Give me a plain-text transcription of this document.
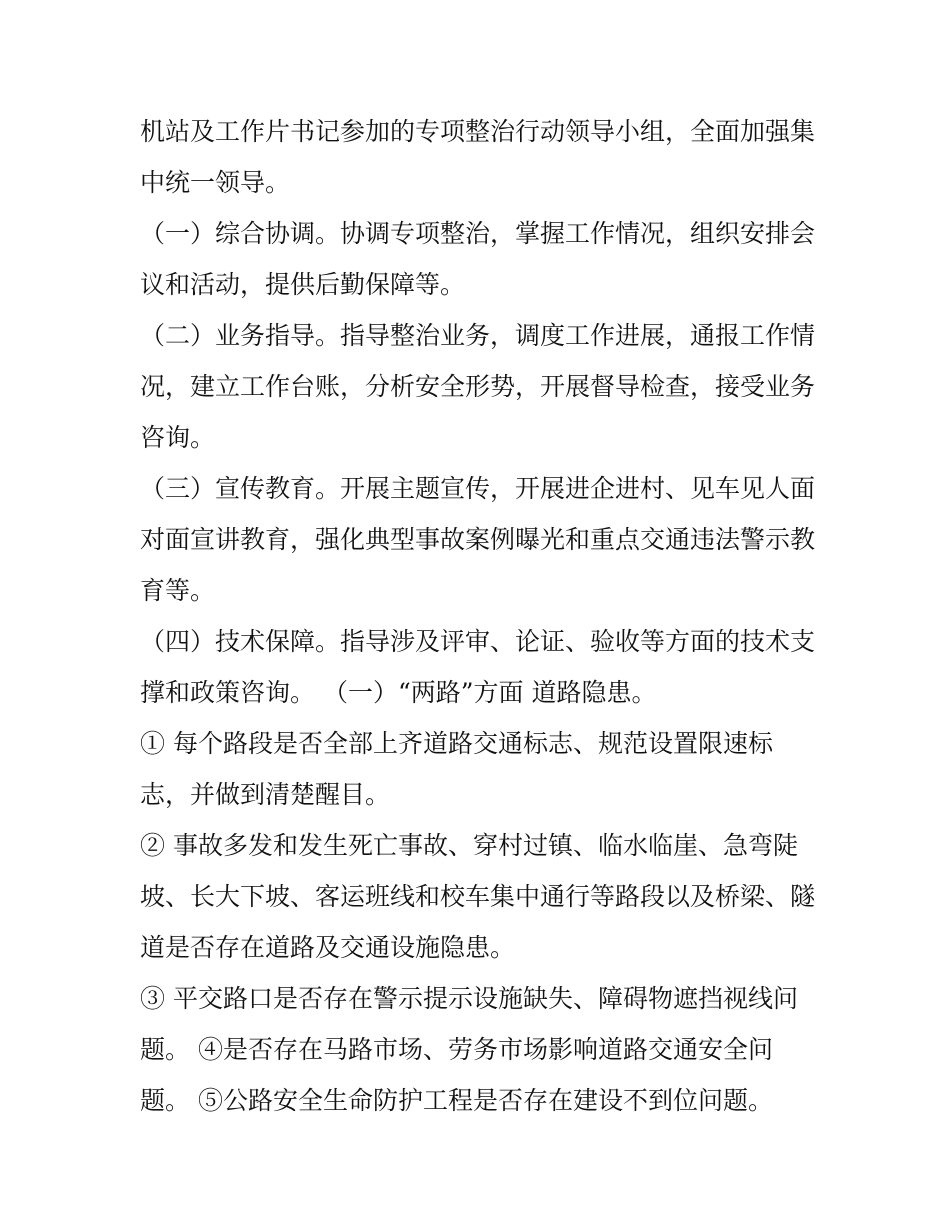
机站及工作片书记参加的专项整治行动领导小组，全面加强集
中统一领导。
（一）综合协调。协调专项整治，掌握工作情况，组织安排会
议和活动，提供后勤保障等。
（二）业务指导。指导整治业务，调度工作进展，通报工作情
况，建立工作台账，分析安全形势，开展督导检查，接受业务
咨询。
（三）宣传教育。开展主题宣传，开展进企进村、见车见人面
对面宣讲教育，强化典型事故案例曝光和重点交通违法警示教
育等。
（四）技术保障。指导涉及评审、论证、验收等方面的技术支
撑和政策咨询。 （一）“两路”方面 道路隐患。
① 每个路段是否全部上齐道路交通标志、规范设置限速标
志，并做到清楚醒目。
② 事故多发和发生死亡事故、穿村过镇、临水临崖、急弯陡
坡、长大下坡、客运班线和校车集中通行等路段以及桥梁、隧
道是否存在道路及交通设施隐患。
③ 平交路口是否存在警示提示设施缺失、障碍物遮挡视线问
题。 ④是否存在马路市场、劳务市场影响道路交通安全问
题。 ⑤公路安全生命防护工程是否存在建设不到位问题。
